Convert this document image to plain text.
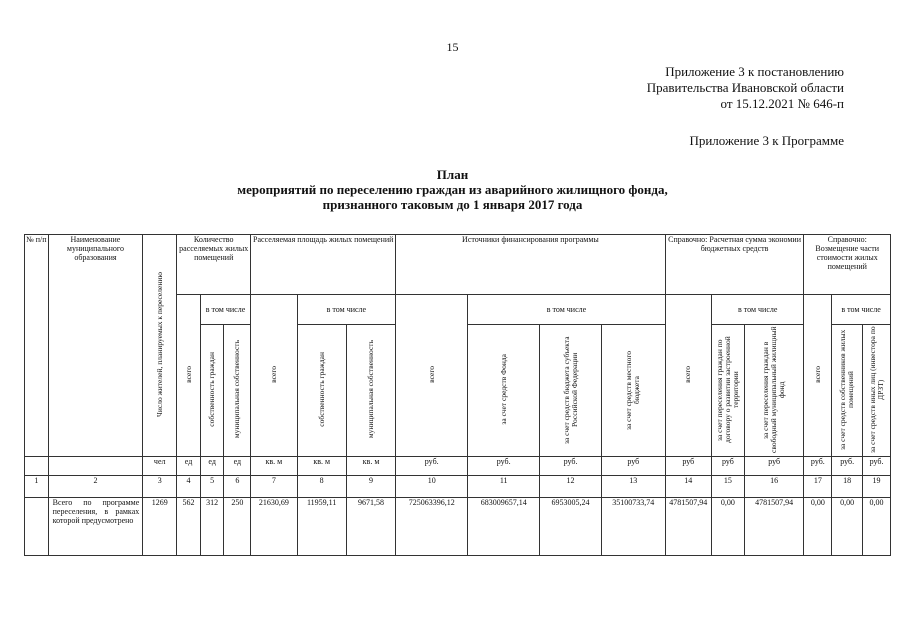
15
Приложение 3 к постановлению
Правительства Ивановской области
от 15.12.2021 № 646-п
Приложение 3 к Программе
План
мероприятий по переселению граждан из аварийного жилищного фонда,
признанного таковым до 1 января 2017 года
№ п/п	Наименование муниципального образования	Число жителей, планируемых к переселению	Количество расселяемых жилых помещений			Расселяемая площадь жилых помещений			Источники финансирования программы				Справочно: Расчетная сумма экономии бюджетных средств			Справочно: Возмещение части стоимости жилых помещений		
			всего	в том числе		всего	в том числе		всего	в том числе			всего	в том числе		всего	в том числе	
				собственность граждан	муниципальная собственность		собственность граждан	муниципальная собственность		за счет средств Фонда	за счет средств бюджета субъекта Российской Федерации	за счет средств местного бюджета		за счет переселения граждан по договору о развитии застроенной территории	за счет переселения граждан в свободный муниципальный жилищный фонд		за счет средств собственников жилых помещений	за счет средств иных лиц (инвестора по ДРЗТ)
		чел	ед	ед	ед	кв. м	кв. м	кв. м	руб.	руб.	руб.	руб	руб	руб	руб	руб.	руб.	руб.
1	2	3	4	5	6	7	8	9	10	11	12	13	14	15	16	17	18	19
	Всего по программе переселения, в рамках которой предусмотрено	1269	562	312	250	21630,69	11959,11	9671,58	725063396,12	683009657,14	6953005,24	35100733,74	4781507,94	0,00	4781507,94	0,00	0,00	0,00
